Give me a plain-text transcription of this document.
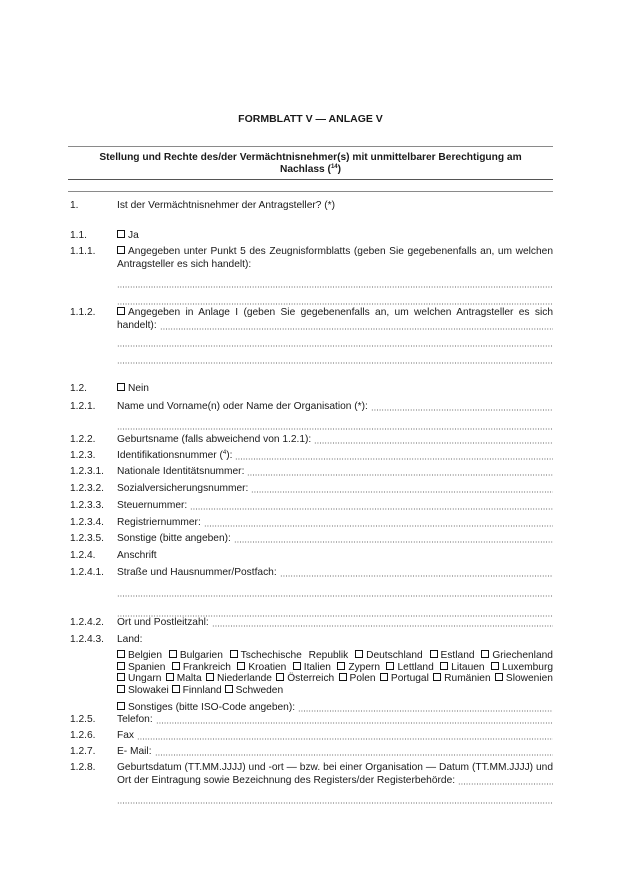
FORMBLATT V — ANLAGE V
Stellung und Rechte des/der Vermächtnisnehmer(s) mit unmittelbarer Berechtigung am
Nachlass ($^{14}$)
1.	Ist der Vermächtnisnehmer der Antragsteller? (*)
1.1.	Ja
1.1.1.	Angegeben unter Punkt 5 des Zeugnisformblatts (geben Sie gegebenenfalls an, um welchen
Antragsteller es sich handelt):
1.1.2.	Angegeben in Anlage I (geben Sie gegebenenfalls an, um welchen Antragsteller es sich
handelt):
1.2.	Nein
1.2.1.	Name und Vorname(n) oder Name der Organisation (*):
1.2.2.	Geburtsname (falls abweichend von 1.2.1):
1.2.3.	Identifikationsnummer ($^4$):
1.2.3.1.	Nationale Identitätsnummer:
1.2.3.2.	Sozialversicherungsnummer:
1.2.3.3.	Steuernummer:
1.2.3.4.	Registriernummer:
1.2.3.5.	Sonstige (bitte angeben):
1.2.4.	Anschrift
1.2.4.1.	Straße und Hausnummer/Postfach:
1.2.4.2.	Ort und Postleitzahl:
1.2.4.3.	Land:
Belgien Bulgarien Tschechische Republik Deutschland Estland Griechenland Spanien Frankreich Kroatien Italien Zypern Lettland Litauen Luxemburg Ungarn Malta Niederlande Österreich Polen Portugal Rumänien Slowenien Slowakei Finnland Schweden
Sonstiges (bitte ISO-Code angeben):
1.2.5.	Telefon:
1.2.6.	Fax
1.2.7.	E- Mail:
1.2.8.	Geburtsdatum (TT.MM.JJJJ) und -ort — bzw. bei einer Organisation — Datum (TT.MM.JJJJ) und
Ort der Eintragung sowie Bezeichnung des Registers/der Registerbehörde:
